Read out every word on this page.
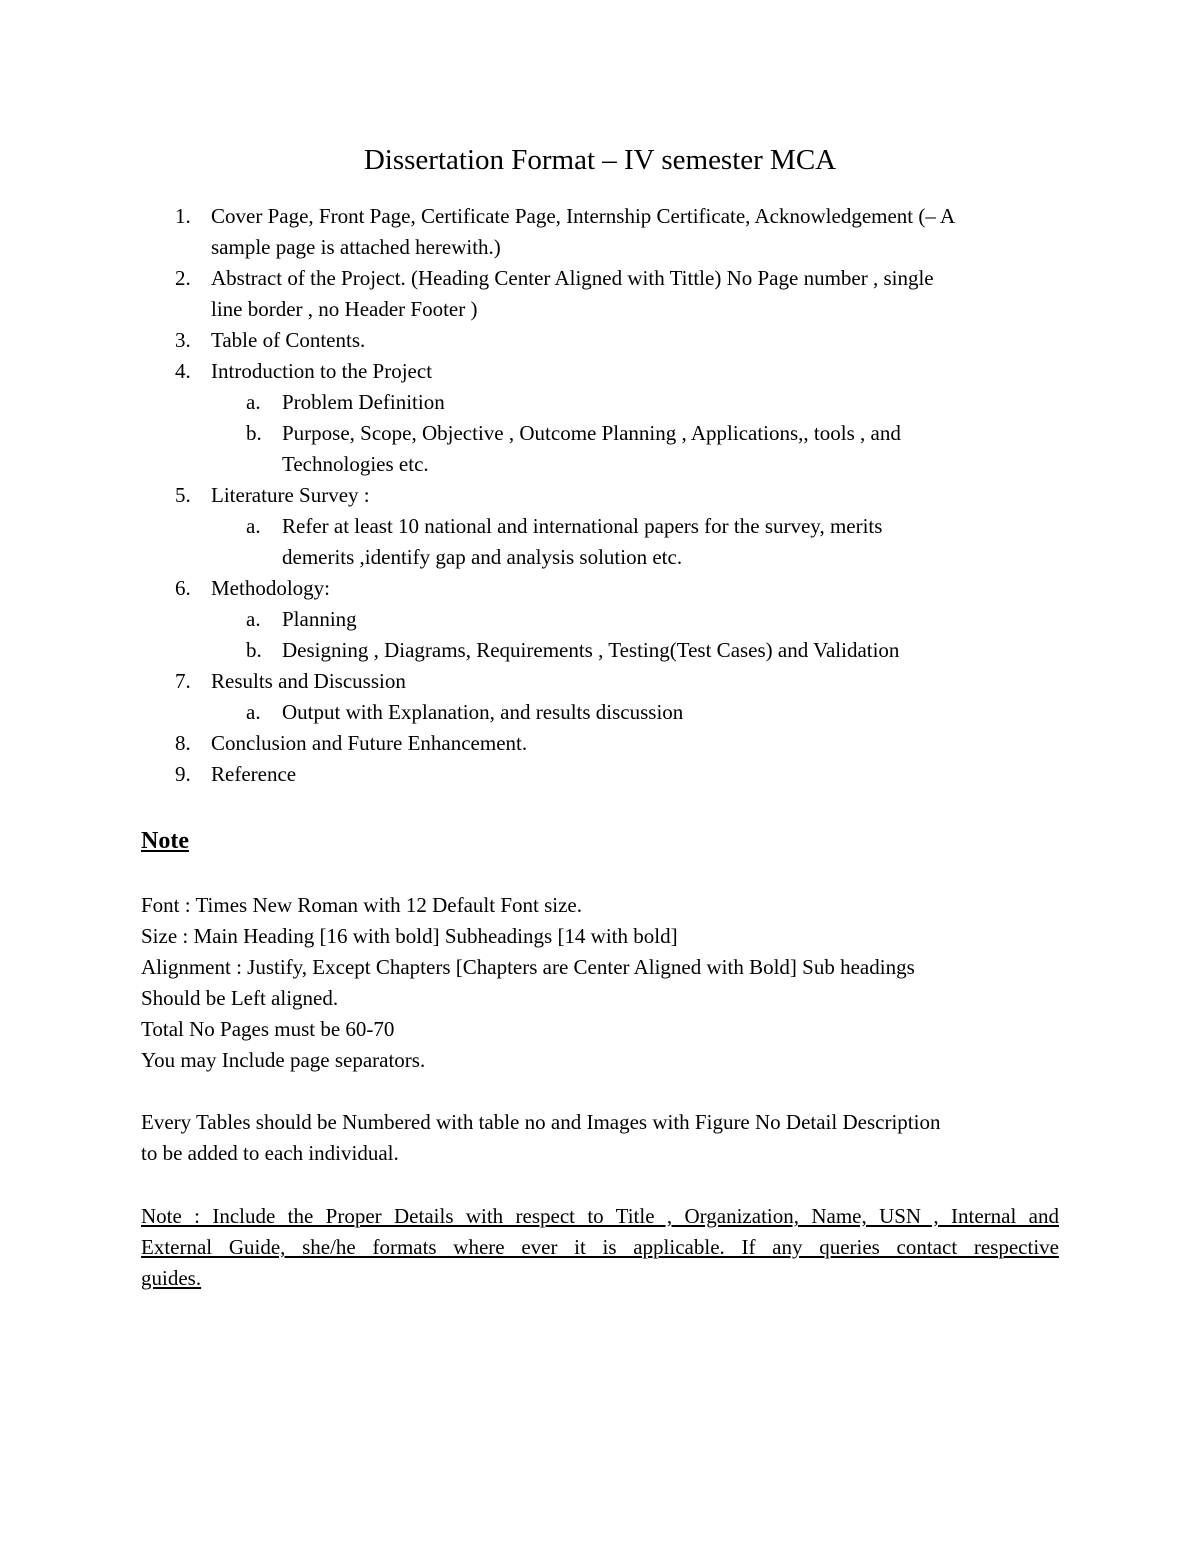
Dissertation Format – IV semester MCA
1. Cover Page, Front Page, Certificate Page, Internship Certificate, Acknowledgement (– A
sample page is attached herewith.)
2. Abstract of the Project. (Heading Center Aligned with Tittle) No Page number , single
line border , no Header Footer )
3. Table of Contents.
4. Introduction to the Project
a.	Problem Definition
b. Purpose, Scope, Objective , Outcome Planning , Applications,, tools , and
Technologies etc.
5. Literature Survey :
a.	Refer at least 10 national and international papers for the survey, merits
demerits ,identify gap and analysis solution etc.
6. Methodology:
a.	Planning
b. Designing , Diagrams, Requirements , Testing(Test Cases) and Validation
7. Results and Discussion
a.	Output with Explanation, and results discussion
8. Conclusion and Future Enhancement.
9. Reference
Note
Font : Times New Roman with 12 Default Font size.
Size : Main Heading [16 with bold] Subheadings [14 with bold]
Alignment : Justify, Except Chapters [Chapters are Center Aligned with Bold] Sub headings
Should be Left aligned.
Total No Pages must be 60-70
You may Include page separators.
Every Tables should be Numbered with table no and Images with Figure No Detail Description
to be added to each individual.
Note : Include the Proper Details with respect to Title , Organization, Name, USN , Internal and
External Guide, she/he formats where ever it is applicable. If any queries contact respective
guides.
